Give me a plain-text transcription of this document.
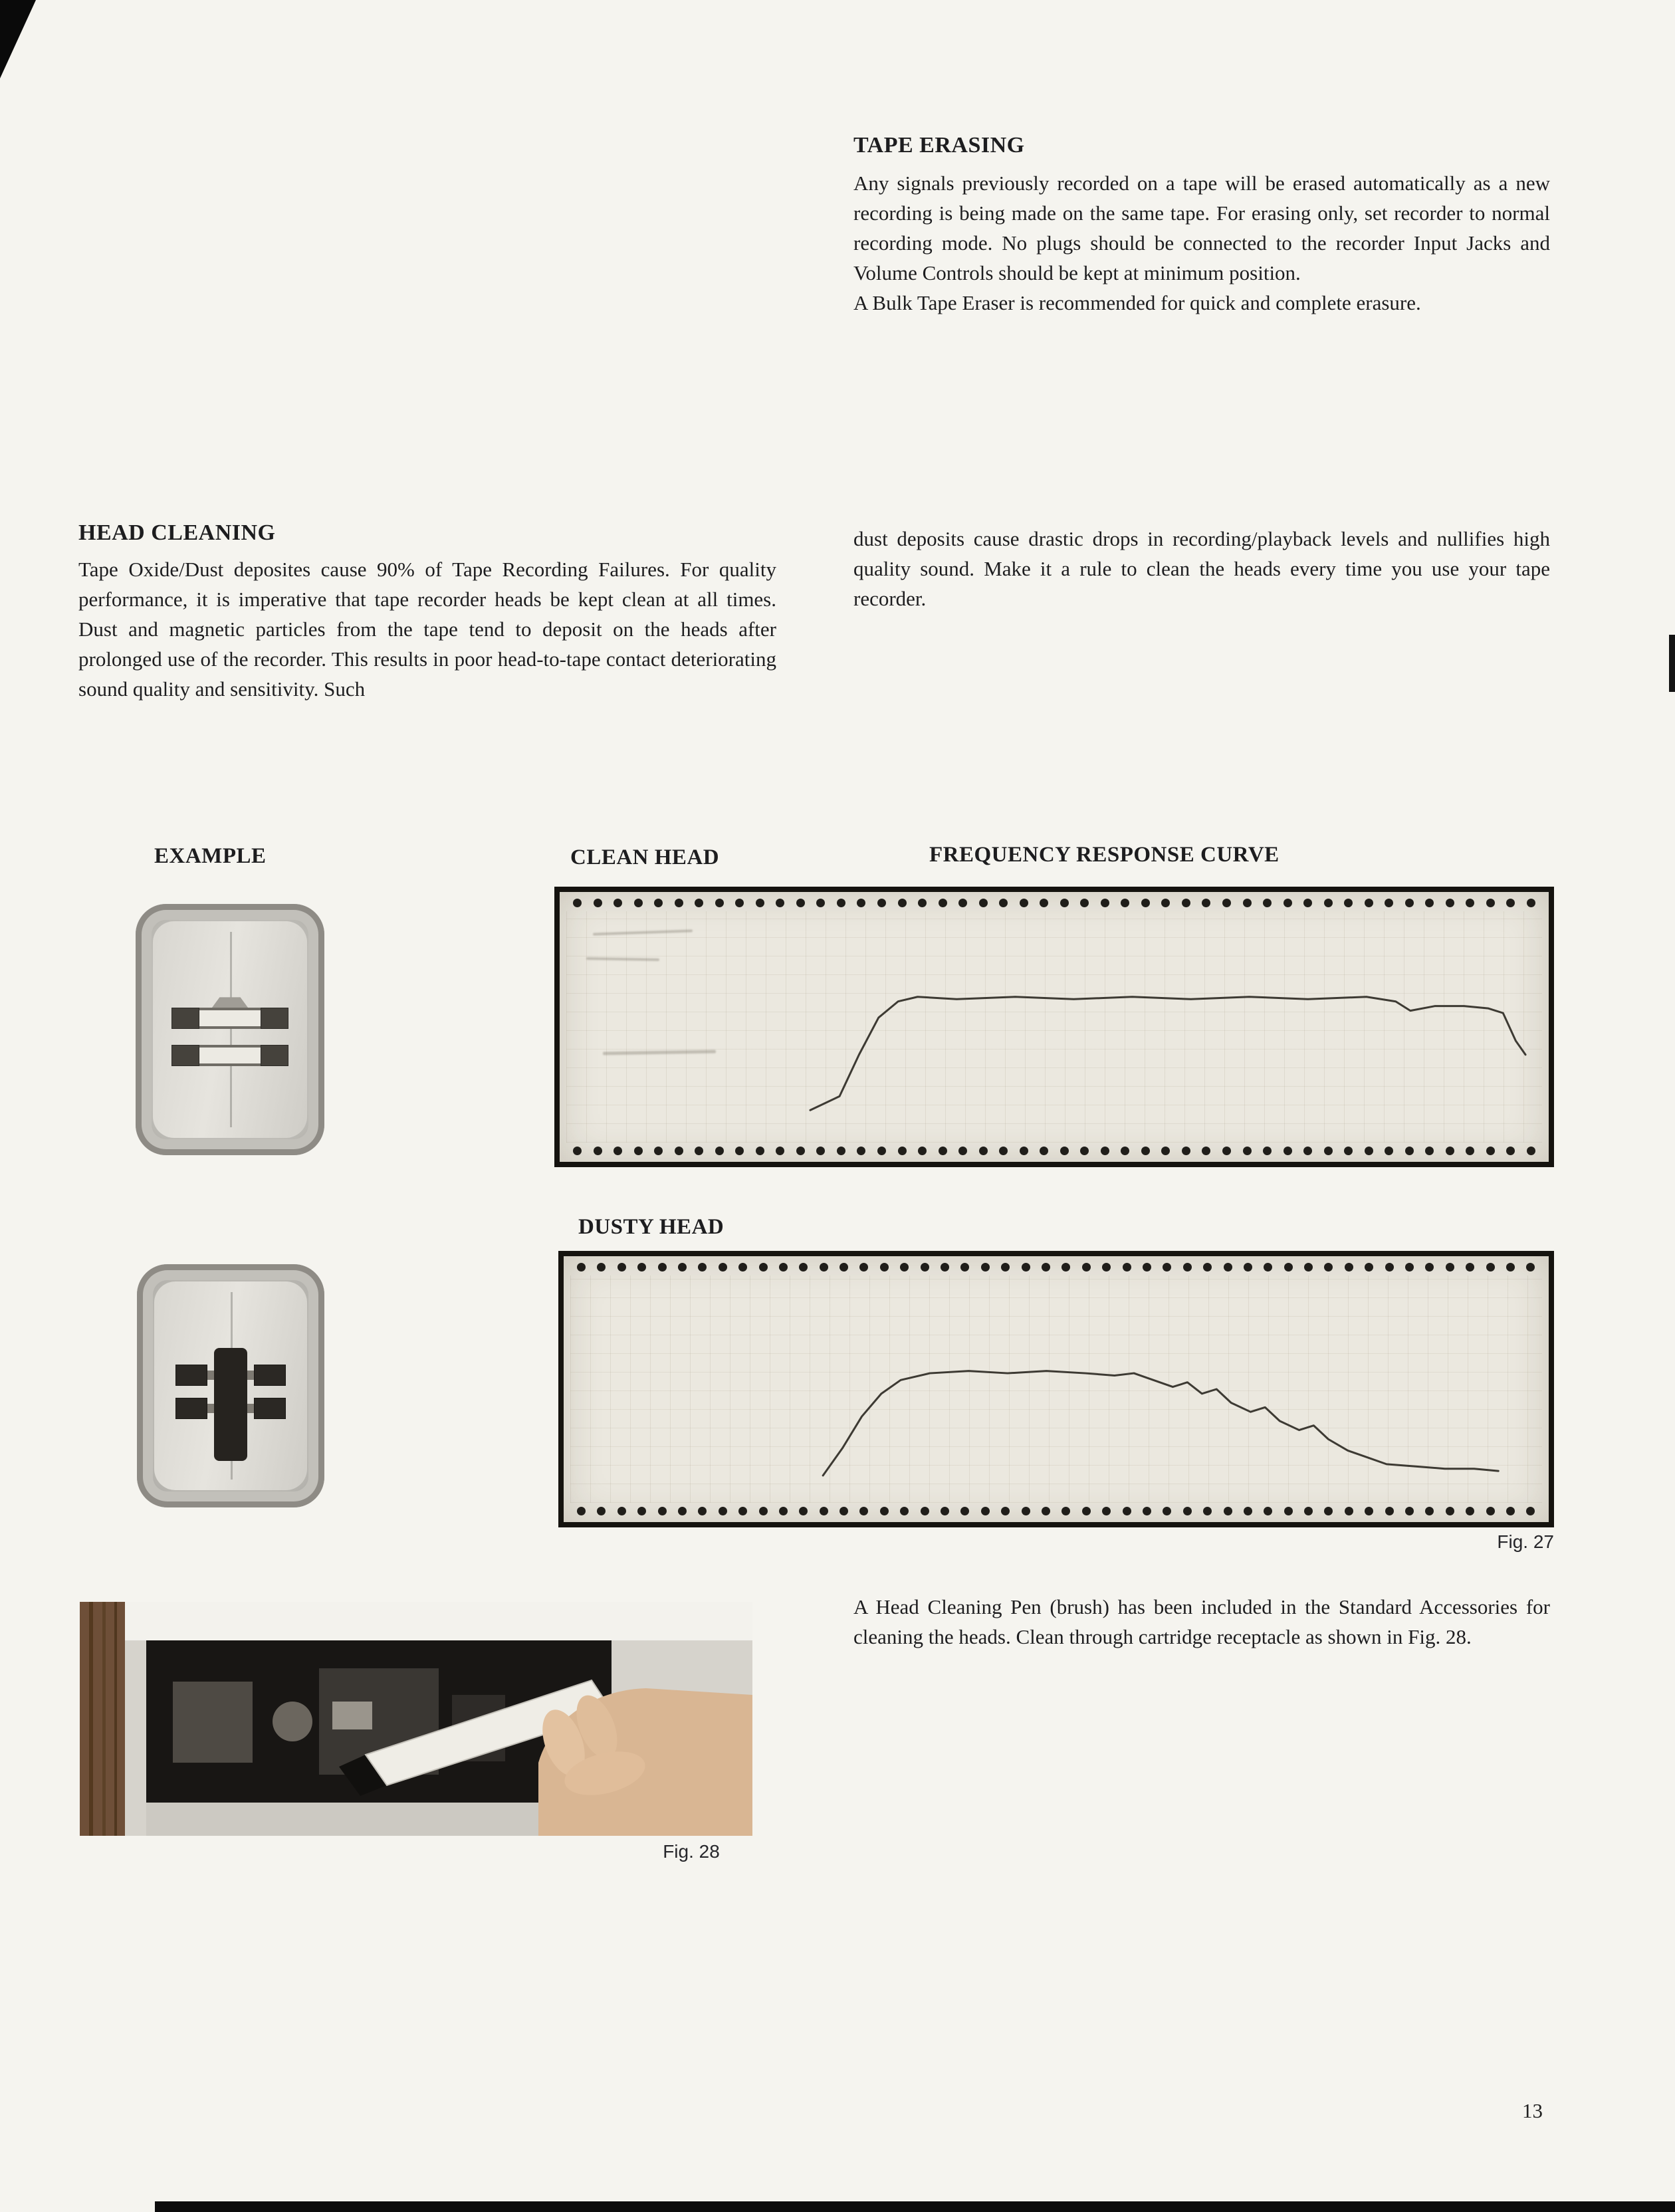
TAPE ERASING

Any signals previously recorded on a tape will be erased automatically as a new recording is being made on the same tape. For erasing only, set recorder to normal recording mode. No plugs should be connected to the recorder Input Jacks and Volume Controls should be kept at minimum position.

A Bulk Tape Eraser is recommended for quick and complete erasure.

HEAD CLEANING

Tape Oxide/Dust deposites cause 90% of Tape Recording Failures. For quality performance, it is imperative that tape recorder heads be kept clean at all times. Dust and magnetic particles from the tape tend to deposit on the heads after prolonged use of the recorder. This results in poor head-to-tape contact deteriorating sound quality and sensitivity. Such

dust deposits cause drastic drops in recording/playback levels and nullifies high quality sound. Make it a rule to clean the heads every time you use your tape recorder.

EXAMPLE	CLEAN HEAD	FREQUENCY RESPONSE CURVE
DUSTY HEAD
Fig. 27
Fig. 28

A Head Cleaning Pen (brush) has been included in the Standard Accessories for cleaning the heads. Clean through cartridge receptacle as shown in Fig. 28.

13
